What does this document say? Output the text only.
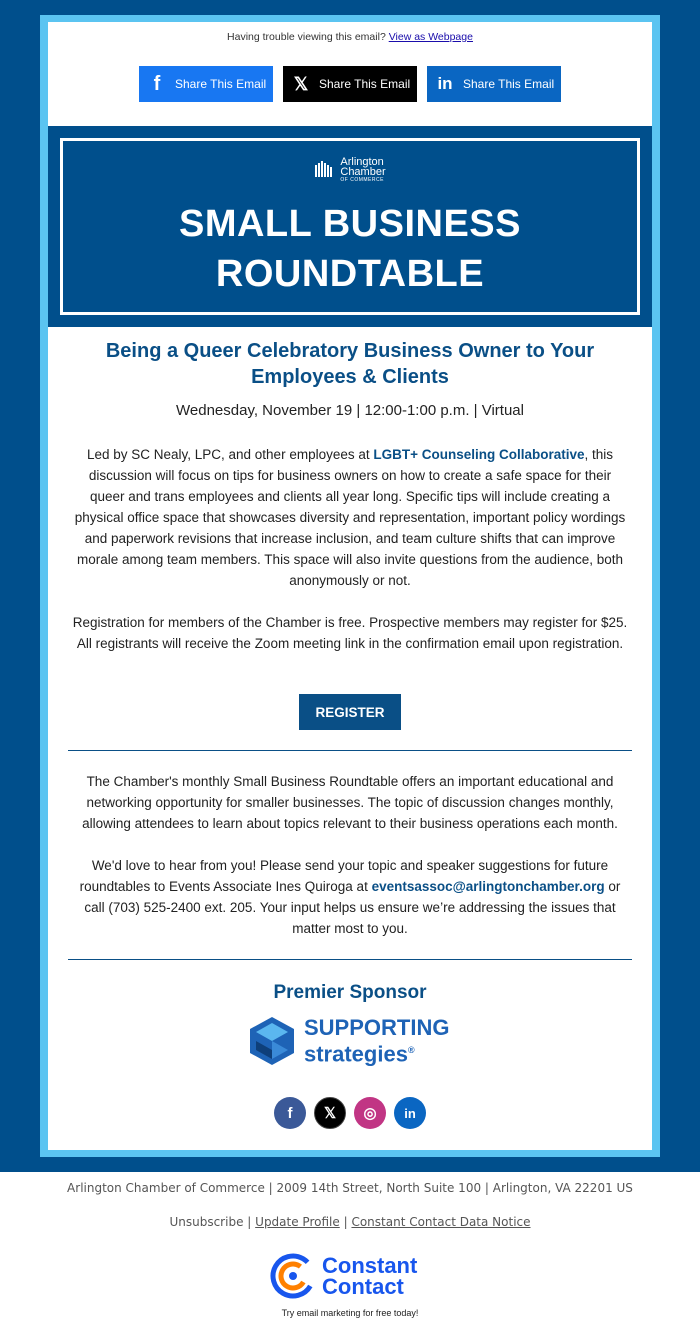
Having trouble viewing this email? View as Webpage
f	Share This Email	𝕏 Share This Email	in Share This Email
Arlington
Chamber
OF COMMERCE
SMALL BUSINESS
ROUNDTABLE
Being a Queer Celebratory Business Owner to Your Employees & Clients
Wednesday, November 19 | 12:00-1:00 p.m. | Virtual
Led by SC Nealy, LPC, and other employees at LGBT+ Counseling Collaborative, this discussion will focus on tips for business owners on how to create a safe space for their queer and trans employees and clients all year long. Specific tips will include creating a physical office space that showcases diversity and representation, important policy wordings and paperwork revisions that increase inclusion, and team culture shifts that can improve morale among team members. This space will also invite questions from the audience, both anonymously or not.
Registration for members of the Chamber is free. Prospective members may register for $25. All registrants will receive the Zoom meeting link in the confirmation email upon registration.
REGISTER
The Chamber's monthly Small Business Roundtable offers an important educational and networking opportunity for smaller businesses. The topic of discussion changes monthly, allowing attendees to learn about topics relevant to their business operations each month.
We'd love to hear from you! Please send your topic and speaker suggestions for future roundtables to Events Associate Ines Quiroga at eventsassoc@arlingtonchamber.org or call (703) 525-2400 ext. 205. Your input helps us ensure we’re addressing the issues that matter most to you.
Premier Sponsor
SUPPORTING
strategies®
f	𝕏	◎	in
Arlington Chamber of Commerce | 2009 14th Street, North Suite 100 | Arlington, VA 22201 US
Unsubscribe | Update Profile | Constant Contact Data Notice
Constant
Contact
Try email marketing for free today!
